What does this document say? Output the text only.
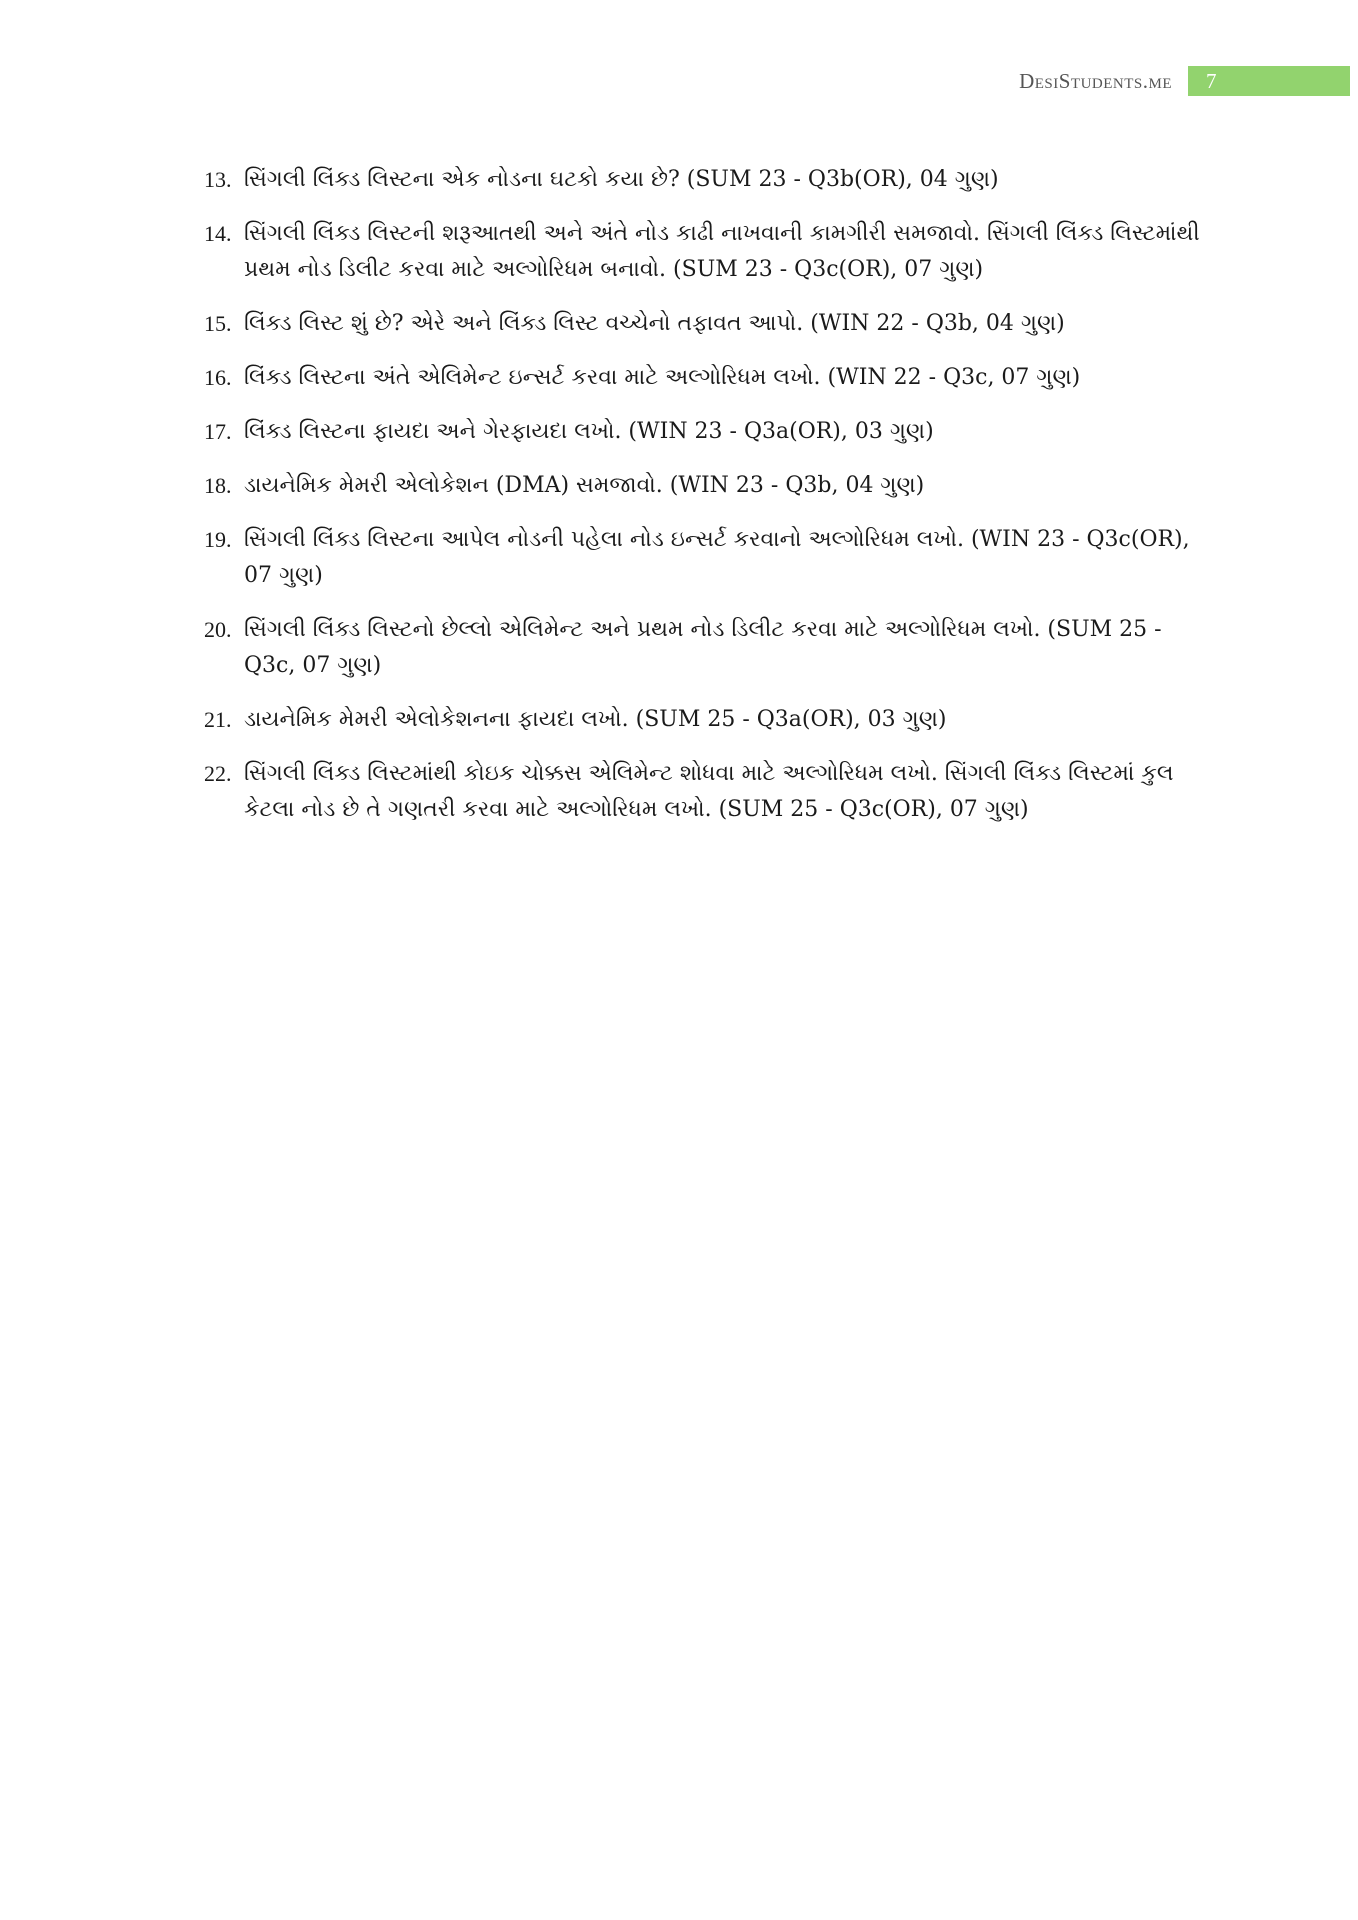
DesiStudents.me	7
13. સિંગલી લિંક્ડ લિસ્ટના એક નોડના ઘટકો કયા છે? (SUM 23 - Q3b(OR), 04 ગુણ)
14. સિંગલી લિંક્ડ લિસ્ટની શરૂઆતથી અને અંતે નોડ કાઢી નાખવાની કામગીરી સમજાવો. સિંગલી લિંક્ડ લિસ્ટમાંથી પ્રથમ નોડ ડિલીટ કરવા માટે અલ્ગોરિધમ બનાવો. (SUM 23 - Q3c(OR), 07 ગુણ)
15. લિંક્ડ લિસ્ટ શું છે? એરે અને લિંક્ડ લિસ્ટ વચ્ચેનો તફાવત આપો. (WIN 22 - Q3b, 04 ગુણ)
16. લિંક્ડ લિસ્ટના અંતે એલિમેન્ટ ઇન્સર્ટ કરવા માટે અલ્ગોરિધમ લખો. (WIN 22 - Q3c, 07 ગુણ)
17. લિંક્ડ લિસ્ટના ફાયદા અને ગેરફાયદા લખો. (WIN 23 - Q3a(OR), 03 ગુણ)
18. ડાયનેમિક મેમરી એલોકેશન (DMA) સમજાવો. (WIN 23 - Q3b, 04 ગુણ)
19. સિંગલી લિંક્ડ લિસ્ટના આપેલ નોડની પહેલા નોડ ઇન્સર્ટ કરવાનો અલ્ગોરિધમ લખો. (WIN 23 - Q3c(OR), 07 ગુણ)
20. સિંગલી લિંક્ડ લિસ્ટનો છેલ્લો એલિમેન્ટ અને પ્રથમ નોડ ડિલીટ કરવા માટે અલ્ગોરિધમ લખો. (SUM 25 - Q3c, 07 ગુણ)
21. ડાયનેમિક મેમરી એલોકેશનના ફાયદા લખો. (SUM 25 - Q3a(OR), 03 ગુણ)
22. સિંગલી લિંક્ડ લિસ્ટમાંથી કોઇક ચોક્કસ એલિમેન્ટ શોધવા માટે અલ્ગોરિધમ લખો. સિંગલી લિંક્ડ લિસ્ટમાં કુલ કેટલા નોડ છે તે ગણતરી કરવા માટે અલ્ગોરિધમ લખો. (SUM 25 - Q3c(OR), 07 ગુણ)
